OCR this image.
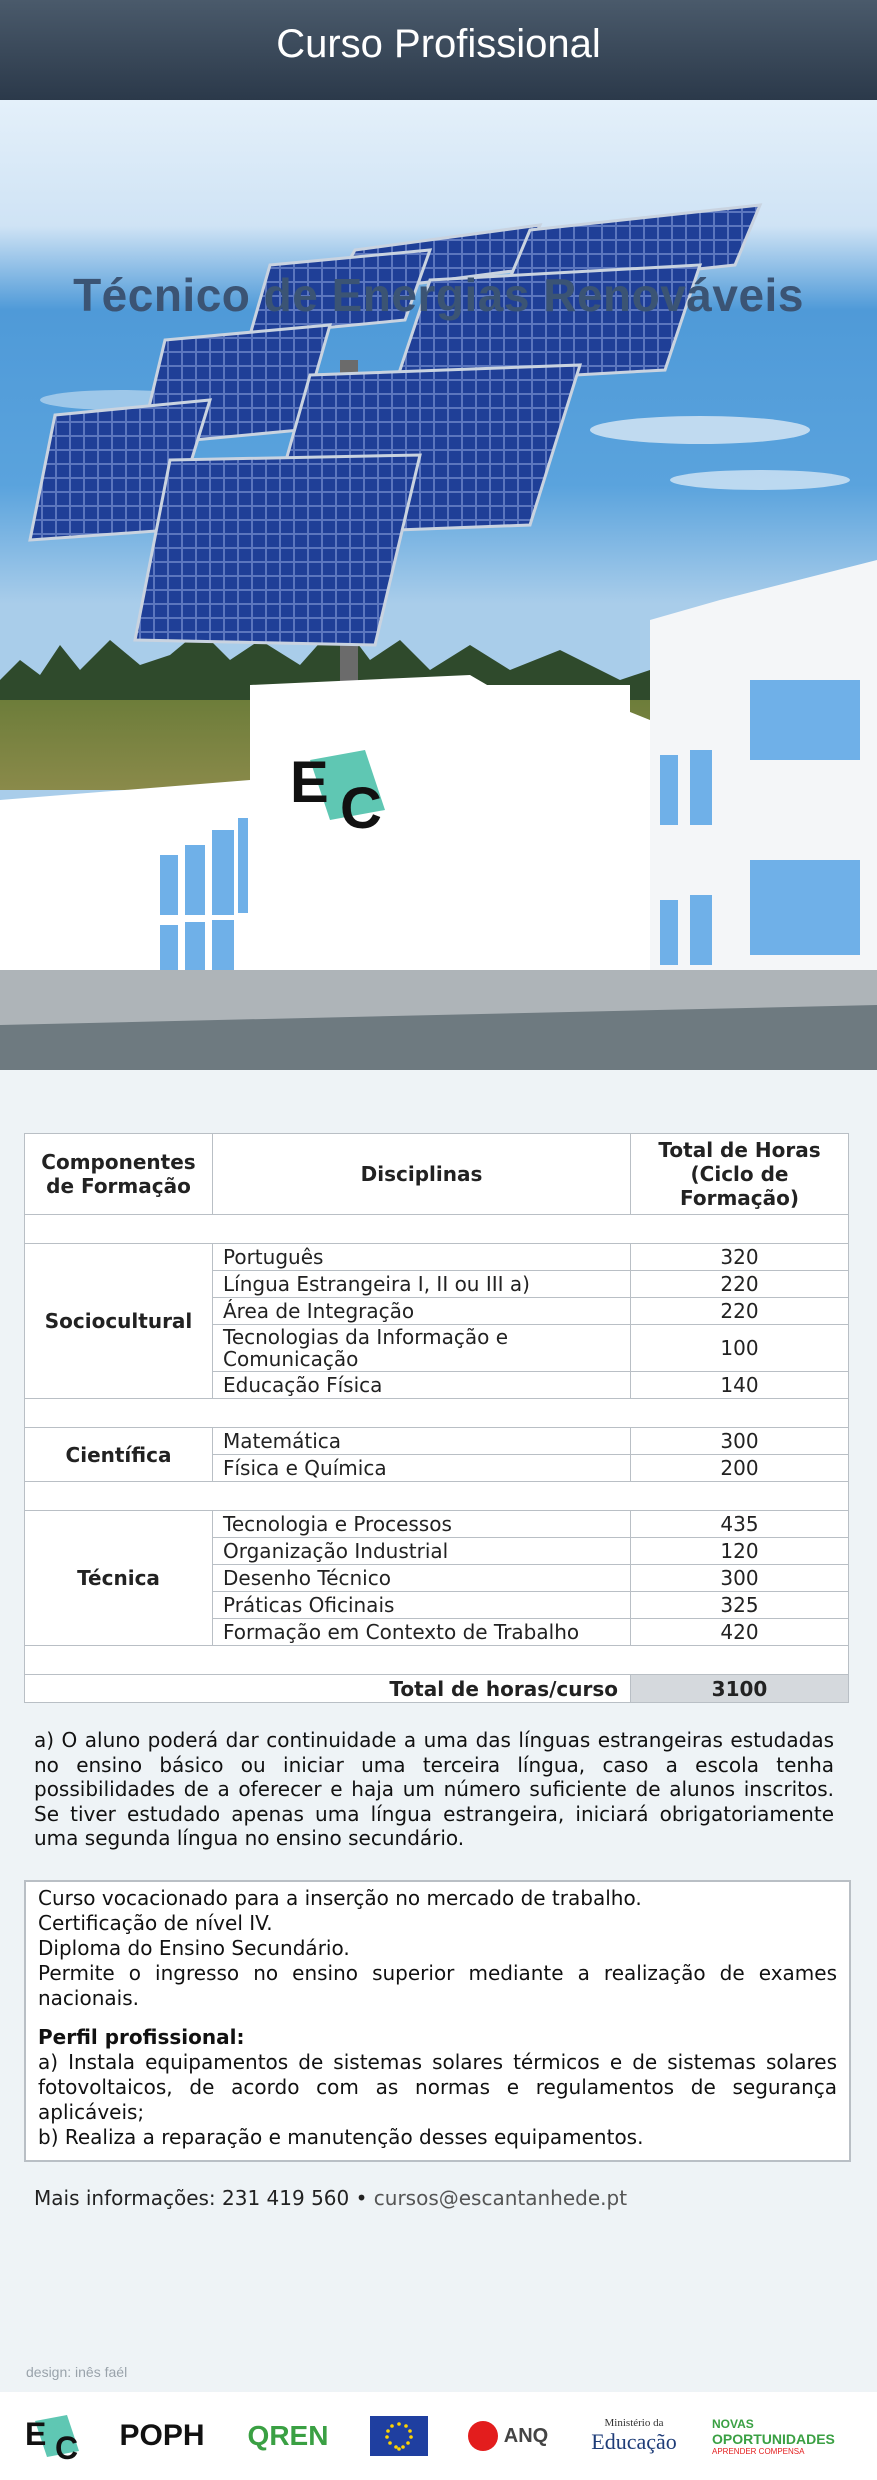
Curso Profissional
E C
Técnico de Energias Renováveis
Componentes de Formação	Disciplinas	Total de Horas (Ciclo de Formação)

Sociocultural	Português	320
	Língua Estrangeira I, II ou III a)	220
	Área de Integração	220
	Tecnologias da Informação e Comunicação	100
	Educação Física	140

Científica	Matemática	300
	Física e Química	200

Técnica	Tecnologia e Processos	435
	Organização Industrial	120
	Desenho Técnico	300
	Práticas Oficinais	325
	Formação em Contexto de Trabalho	420

	Total de horas/curso	3100
a) O aluno poderá dar continuidade a uma das línguas estrangeiras estudadas no ensino básico ou iniciar uma terceira língua, caso a escola tenha possibilidades de a oferecer e haja um número suficiente de alunos inscritos. Se tiver estudado apenas uma língua estrangeira, iniciará obrigatoriamente uma segunda língua no ensino secundário.

Curso vocacionado para a inserção no mercado de trabalho.

Certificação de nível IV.

Diploma do Ensino Secundário.

Permite o ingresso no ensino superior mediante a realização de exames nacionais.

Perfil profissional:

a) Instala equipamentos de sistemas solares térmicos e de sistemas solares fotovoltaicos, de acordo com as normas e regulamentos de segurança aplicáveis;

b) Realiza a reparação e manutenção desses equipamentos.

Mais informações: 231 419 560 • cursos@escantanhede.pt
design: inês faél
E C POPH QREN	ANQ
Ministério da
Educação
NOVAS
OPORTUNIDADES
APRENDER COMPENSA
